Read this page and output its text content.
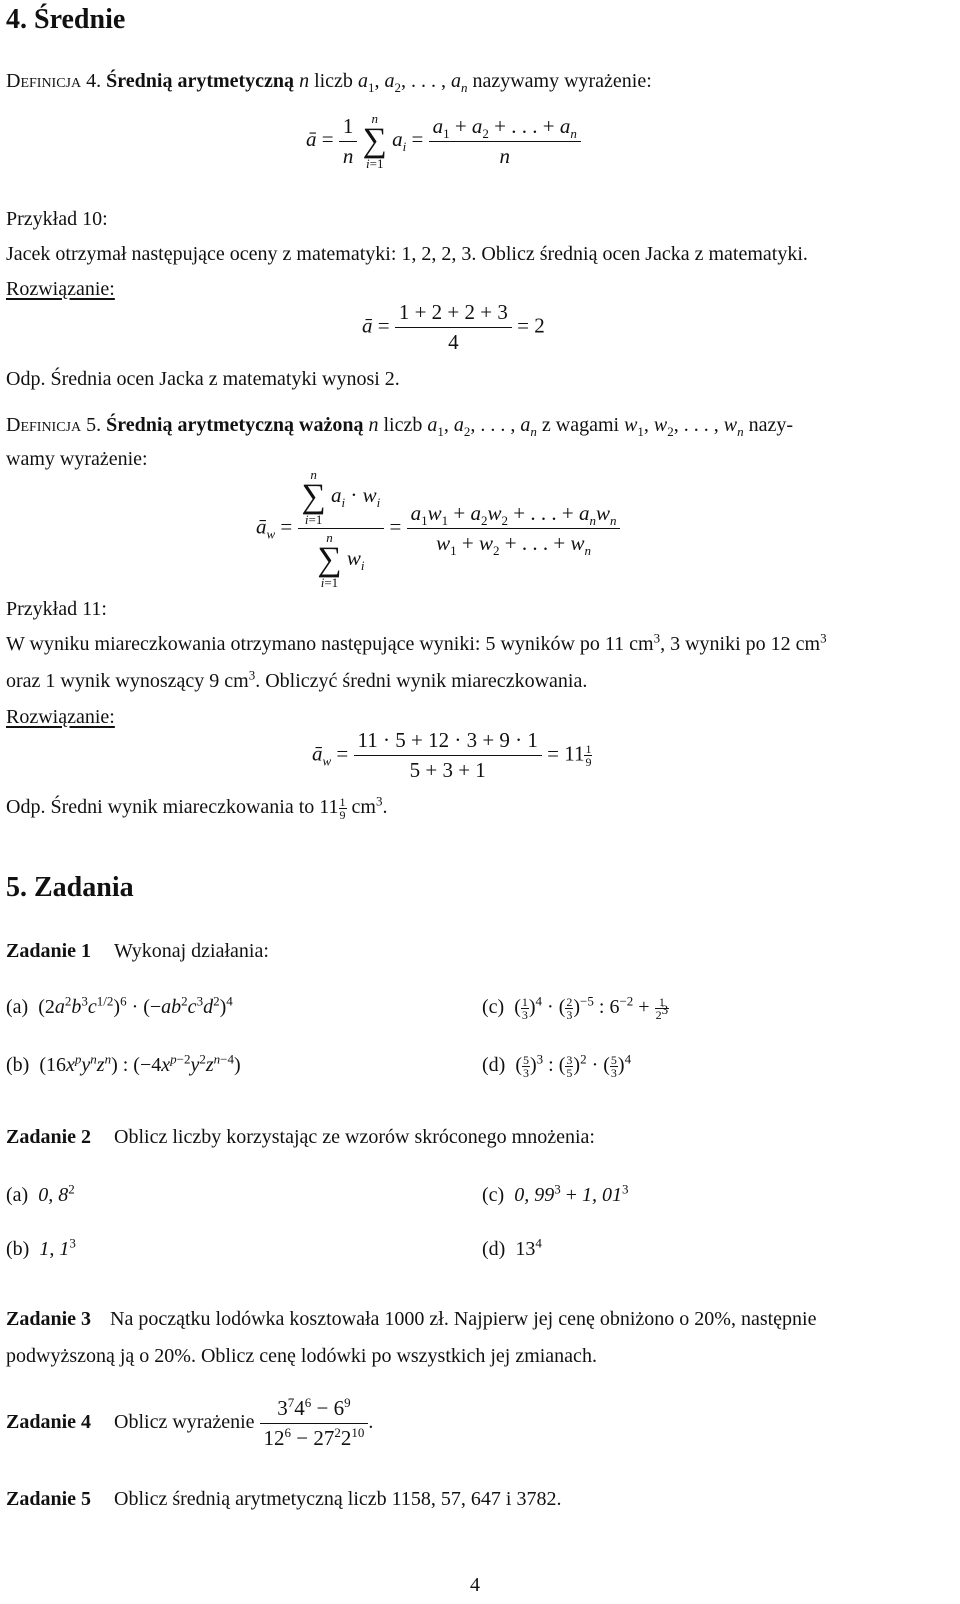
4. Średnie
Definicja 4. Średnią arytmetyczną n liczb $a_1$, $a_2$, . . . , $a_n$ nazywamy wyrażenie:
ā = $\frac{1}{n}$
	n
∑
i=1
$a_i = \frac{a_1 + a_2 + . . . + a_n}{n}$
Przykład 10:
Jacek otrzymał następujące oceny z matematyki: 1, 2, 2, 3. Oblicz średnią ocen Jacka z matematyki.
Rozwiązanie:
ā = $\frac{1 + 2 + 2 + 3}{4} = 2$
Odp. Średnia ocen Jacka z matematyki wynosi 2.
Definicja 5. Średnią arytmetyczną ważoną n liczb $a_1$, $a_2$, . . . , $a_n$ z wagami $w_1$, $w_2$, . . . , $w_n$ nazy-
wamy wyrażenie:
$ā_w = n$
∑
i=1
$a_i \cdot w_i$
n
∑
i=1
$w_i = \frac{a_1w_1 + a_2w_2 + . . . + a_nw_n}{w_1 + w_2 + . . . + w_n}$
Przykład 11:
W wyniku miareczkowania otrzymano następujące wyniki: 5 wyników po 11 $cm^3$, 3 wyniki po 12 $cm^3$
oraz 1 wynik wynoszący 9 $cm^3$. Obliczyć średni wynik miareczkowania.
Rozwiązanie:
$ā_w = \frac{11 \cdot 5 + 12 \cdot 3 + 9 \cdot 1}{5 + 3 + 1} = 11 \frac{1}{9}$
Odp. Średni wynik miareczkowania to $11 \frac{1}{9} cm^3$.
5. Zadania
Zadanie 1 Wykonaj działania:
(a)  $(2a^2b^3c^{1/2})^6 \cdot (-ab^2c^3d^2)^4$	(c)  ( $\frac{1}{3} )^4$ · ( $\frac{2}{3} )^{-5}$ : $6^{-2} + \frac{1}{2^3}$
(b)  $(16x^py^nz^n)$ : $(-4x^{p-2}y^2z^{n-4})$	(d)  ( $\frac{5}{3} )^3$ : ( $\frac{3}{5} )^2$ · ( $\frac{5}{3} )^4$
Zadanie 2 Oblicz liczby korzystając ze wzorów skróconego mnożenia:
(a) 0, $8^2$	(c) 0, $99^3 + 1$, $01^3$
(b) 1, $1^3$	(d)  $13^4$
Zadanie 3 Na początku lodówka kosztowała 1000 zł. Najpierw jej cenę obniżono o 20%, następnie
podwyższoną ją o 20%. Oblicz cenę lodówki po wszystkich jej zmianach.
Zadanie 4 Oblicz wyrażenie $\frac{3^74^6 - 6^9}{12^6 - 27^22^{10}}$ .
Zadanie 5 Oblicz średnią arytmetyczną liczb 1158, 57, 647 i 3782.
4
